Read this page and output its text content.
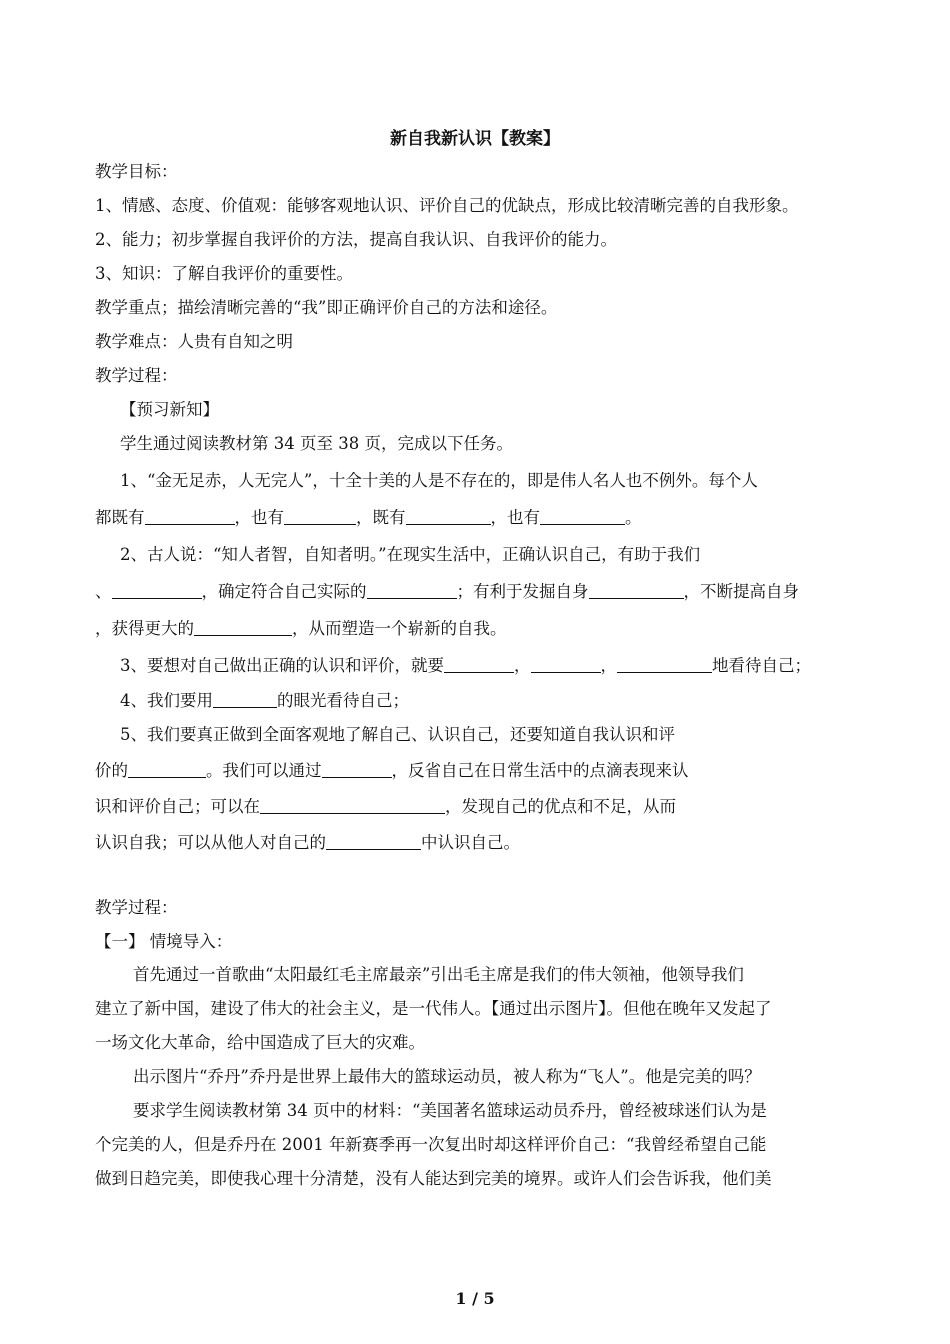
新自我新认识【教案】
教学目标：
1、情感、态度、价值观：能够客观地认识、评价自己的优缺点，形成比较清晰完善的自我形象。
2、能力；初步掌握自我评价的方法，提高自我认识、自我评价的能力。
3、知识：了解自我评价的重要性。
教学重点；描绘清晰完善的“我”即正确评价自己的方法和途径。
教学难点：人贵有自知之明
教学过程：
【预习新知】
学生通过阅读教材第 34 页至 38 页，完成以下任务。
1、“金无足赤，人无完人”，十全十美的人是不存在的，即是伟人名人也不例外。每个人
都既有	，也有	，既有	，也有	。
2、古人说：“知人者智，自知者明。”在现实生活中，正确认识自己，有助于我们
、	，确定符合自己实际的	；有利于发掘自身	，不断提高自身
，获得更大的	，从而塑造一个崭新的自我。
3、要想对自己做出正确的认识和评价，就要	，	，	地看待自己；
4、我们要用	的眼光看待自己；
5、我们要真正做到全面客观地了解自己、认识自己，还要知道自我认识和评
价的	。我们可以通过	，反省自己在日常生活中的点滴表现来认
识和评价自己；可以在	，发现自己的优点和不足，从而
认识自我；可以从他人对自己的	中认识自己。
教学过程：
【一】 情境导入：
首先通过一首歌曲“太阳最红毛主席最亲”引出毛主席是我们的伟大领袖，他领导我们
建立了新中国，建设了伟大的社会主义，是一代伟人。【通过出示图片】。但他在晚年又发起了
一场文化大革命，给中国造成了巨大的灾难。
出示图片“乔丹”乔丹是世界上最伟大的篮球运动员，被人称为“飞人”。他是完美的吗？
要求学生阅读教材第 34 页中的材料：“美国著名篮球运动员乔丹，曾经被球迷们认为是
个完美的人，但是乔丹在 2001 年新赛季再一次复出时却这样评价自己：“我曾经希望自己能
做到日趋完美，即使我心理十分清楚，没有人能达到完美的境界。或许人们会告诉我，他们美
1 / 5
